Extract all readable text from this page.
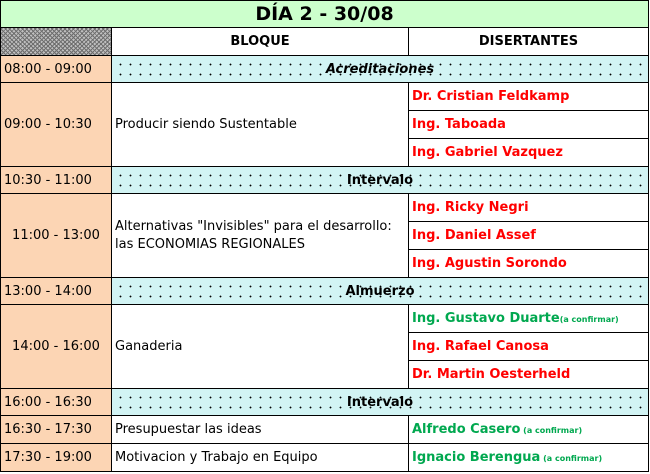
DÍA 2 - 30/08		
	BLOQUE	DISERTANTES
08:00 - 09:00	Acreditaciones	
09:00 - 10:30	Producir siendo Sustentable	Dr. Cristian Feldkamp
		Ing. Taboada
		Ing. Gabriel Vazquez
10:30 - 11:00	Intervalo	
11:00 - 13:00	Alternativas "Invisibles" para el desarrollo: las ECONOMIAS REGIONALES	Ing. Ricky Negri
		Ing. Daniel Assef
		Ing. Agustin Sorondo
13:00 - 14:00	Almuerzo	
14:00 - 16:00	Ganaderia	Ing. Gustavo Duarte(a confirmar)
		Ing. Rafael Canosa
		Dr. Martin Oesterheld
16:00 - 16:30	Intervalo	
16:30 - 17:30	Presupuestar las ideas	Alfredo Casero (a confirmar)
17:30 - 19:00	Motivacion y Trabajo en Equipo	Ignacio Berengua (a confirmar)
